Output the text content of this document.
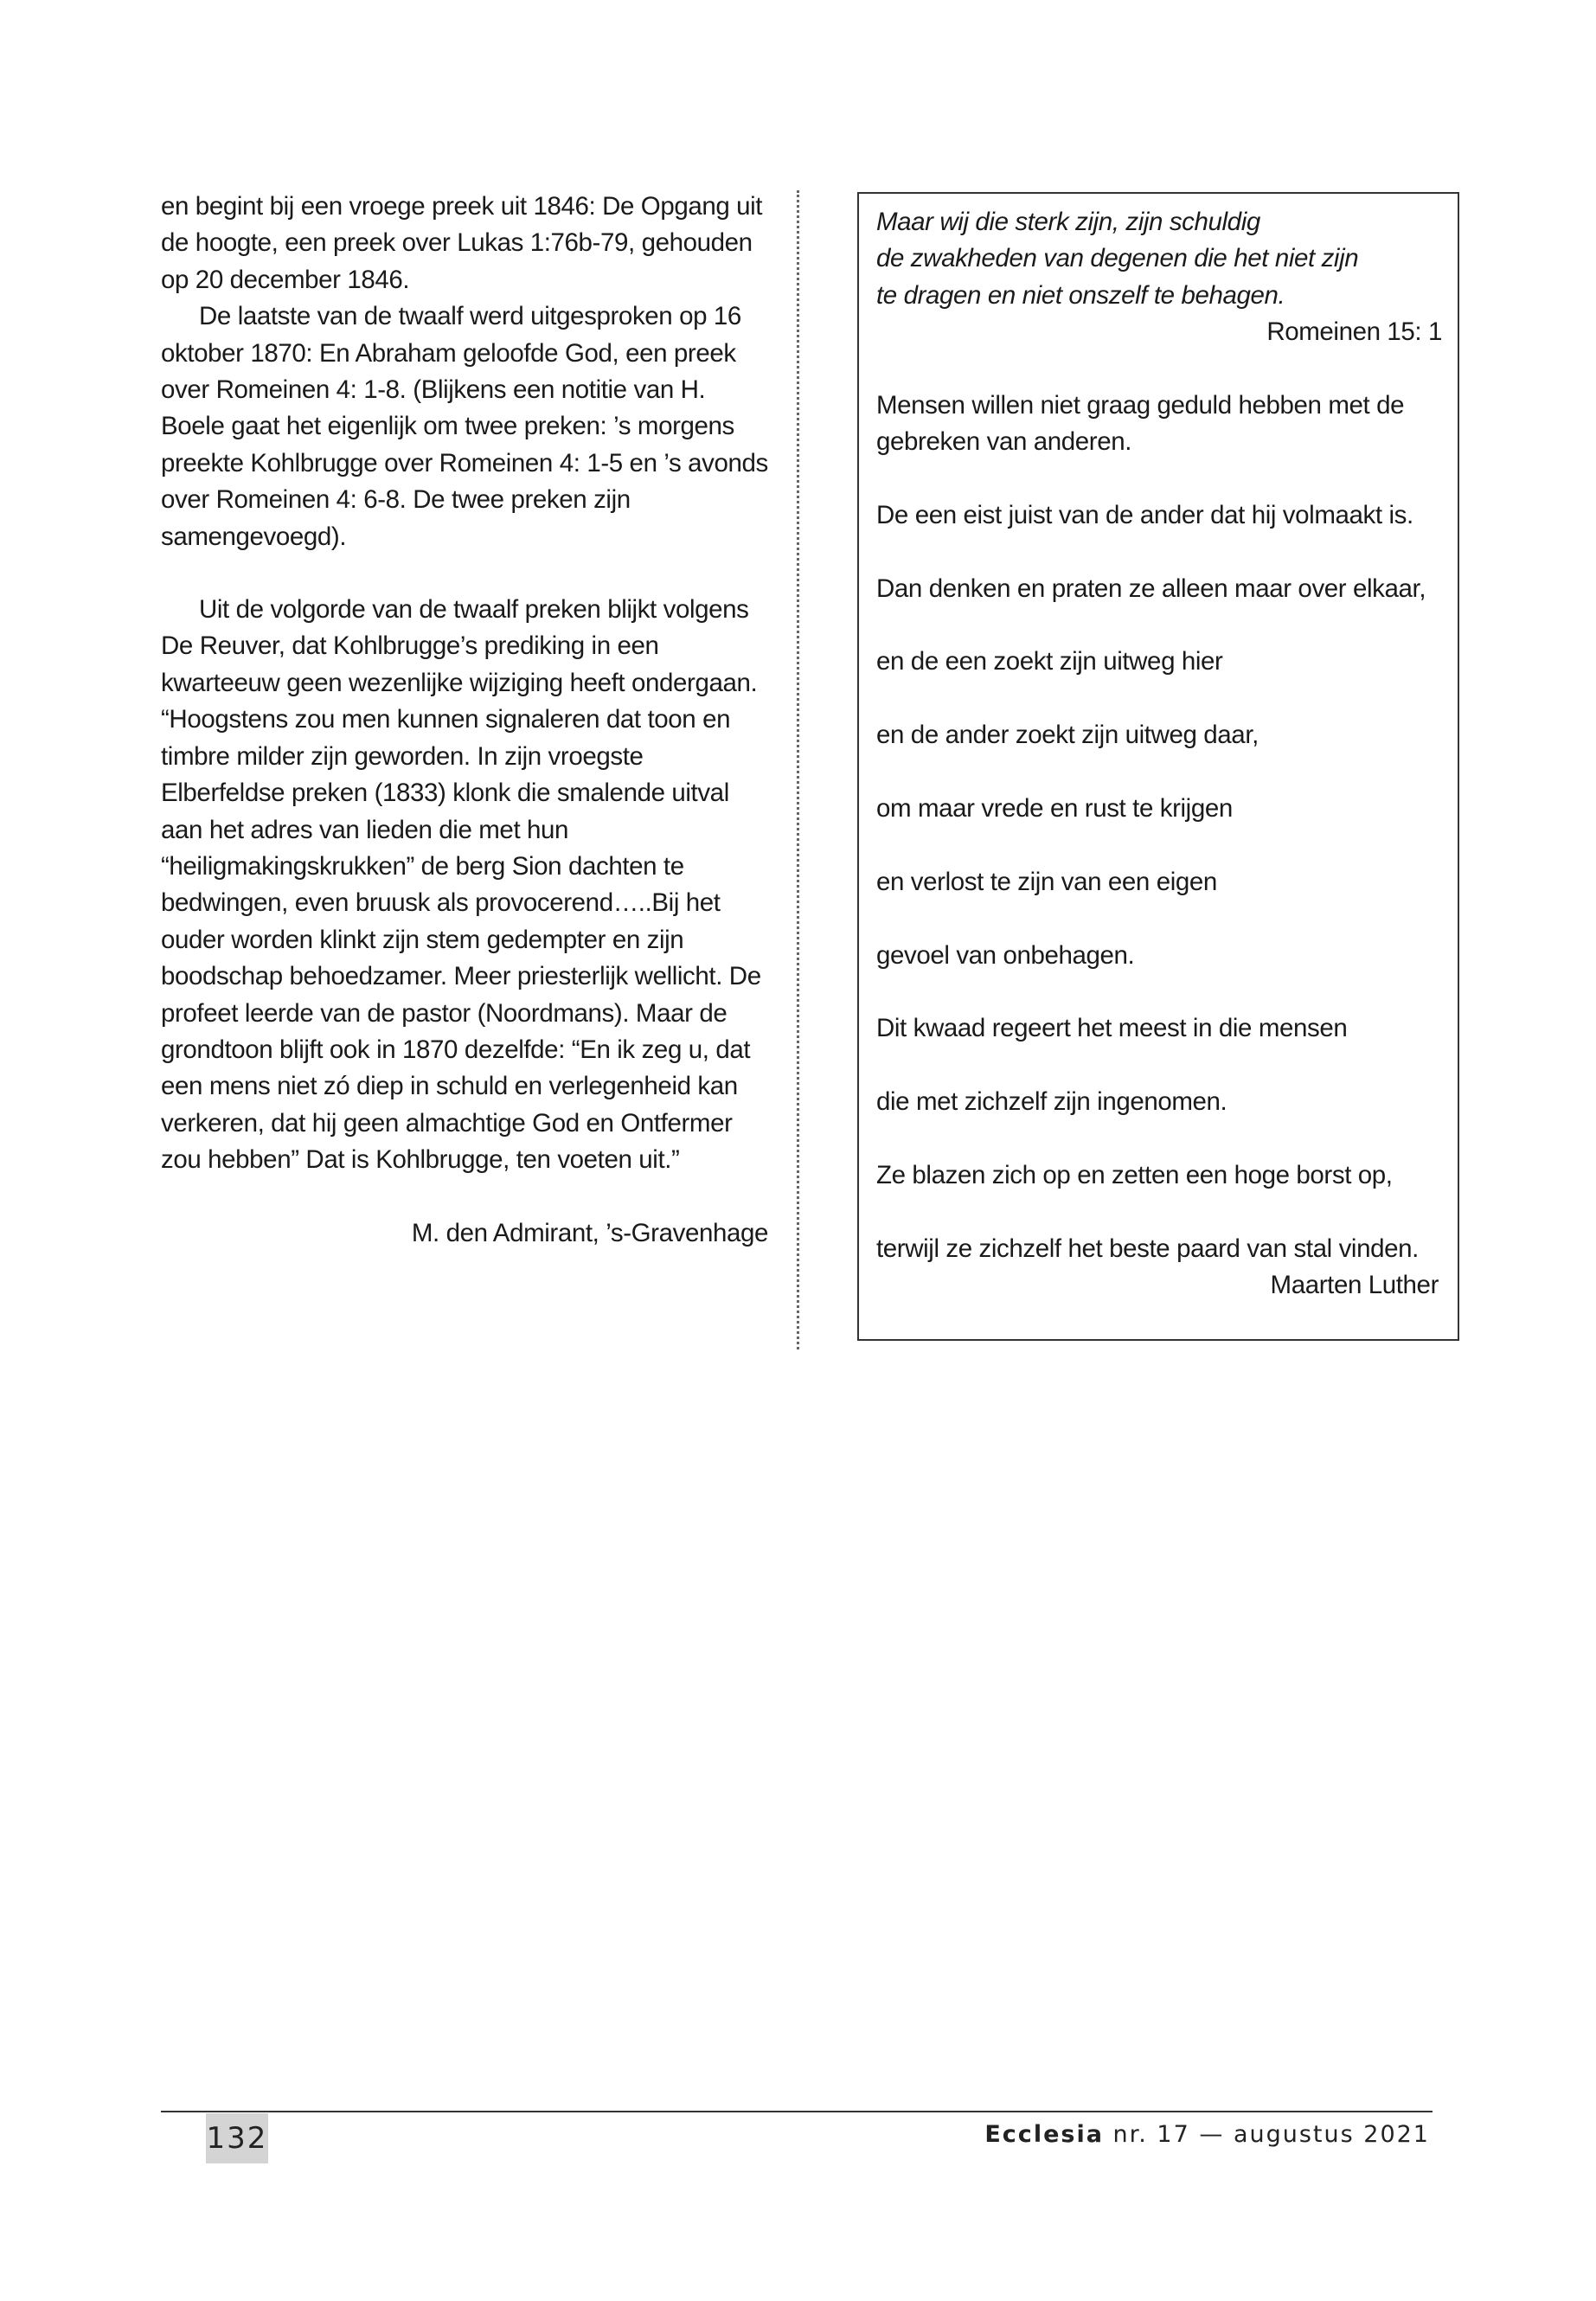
en begint bij een vroege preek uit 1846: De Opgang uit de hoogte, een preek over Lukas 1:76b-79, gehouden op 20 december 1846.

De laatste van de twaalf werd uitgesproken op 16 oktober 1870: En Abraham geloofde God, een preek over Romeinen 4: 1-8. (Blijkens een notitie van H. Boele gaat het eigenlijk om twee preken: ’s morgens preekte Kohlbrugge over Romeinen 4: 1-5 en ’s avonds over Romeinen 4: 6-8. De twee preken zijn samengevoegd).

Uit de volgorde van de twaalf preken blijkt volgens De Reuver, dat Kohlbrugge’s prediking in een kwarteeuw geen wezenlijke wijziging heeft ondergaan. “Hoogstens zou men kunnen signaleren dat toon en timbre milder zijn geworden. In zijn vroegste Elberfeldse preken (1833) klonk die smalende uitval aan het adres van lieden die met hun “heiligmakingskrukken” de berg Sion dachten te bedwingen, even bruusk als provocerend…..Bij het ouder worden klinkt zijn stem gedempter en zijn boodschap behoedzamer. Meer priesterlijk wellicht. De profeet leerde van de pastor (Noordmans). Maar de grondtoon blijft ook in 1870 dezelfde: “En ik zeg u, dat een mens niet zó diep in schuld en verlegenheid kan verkeren, dat hij geen almachtige God en Ontfermer zou hebben” Dat is Kohlbrugge, ten voeten uit.”

M. den Admirant, ’s-Gravenhage

Maar wij die sterk zijn, zijn schuldig
de zwakheden van degenen die het niet zijn
te dragen en niet onszelf te behagen.
Romeinen 15: 1

Mensen willen niet graag geduld hebben met de gebreken van anderen.

De een eist juist van de ander dat hij volmaakt is.

Dan denken en praten ze alleen maar over elkaar,

en de een zoekt zijn uitweg hier

en de ander zoekt zijn uitweg daar,

om maar vrede en rust te krijgen

en verlost te zijn van een eigen

gevoel van onbehagen.

Dit kwaad regeert het meest in die mensen

die met zichzelf zijn ingenomen.

Ze blazen zich op en zetten een hoge borst op,

terwijl ze zichzelf het beste paard van stal vinden.

Maarten Luther
132	Ecclesia nr. 17 — augustus 2021
